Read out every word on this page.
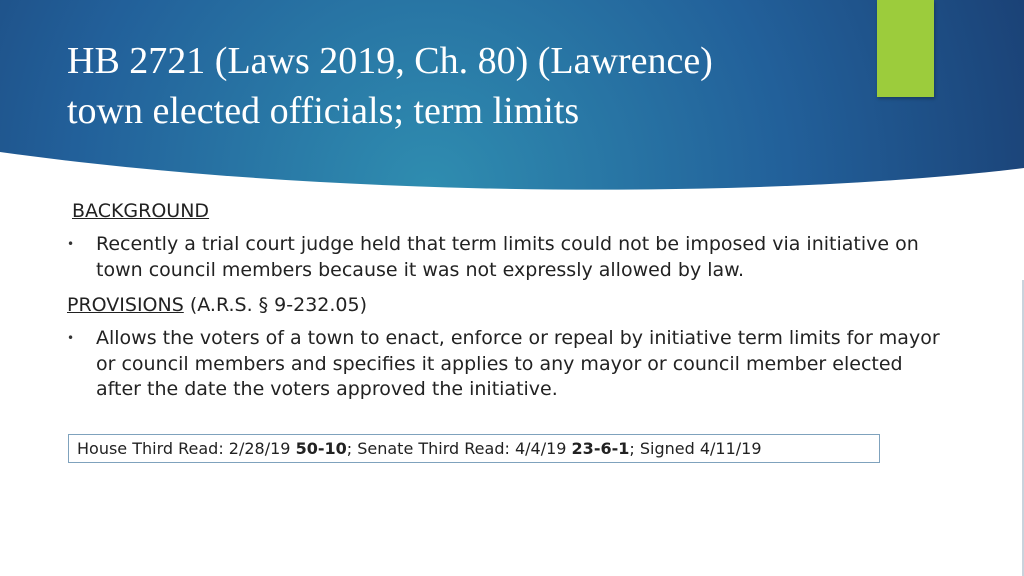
HB 2721 (Laws 2019, Ch. 80) (Lawrence)
town elected officials; term limits
BACKGROUND
• Recently a trial court judge held that term limits could not be imposed via initiative on town council members because it was not expressly allowed by law.
PROVISIONS (A.R.S. § 9-232.05)
• Allows the voters of a town to enact, enforce or repeal by initiative term limits for mayor or council members and specifies it applies to any mayor or council member elected after the date the voters approved the initiative.
House Third Read: 2/28/19 50-10; Senate Third Read: 4/4/19 23-6-1; Signed 4/11/19
